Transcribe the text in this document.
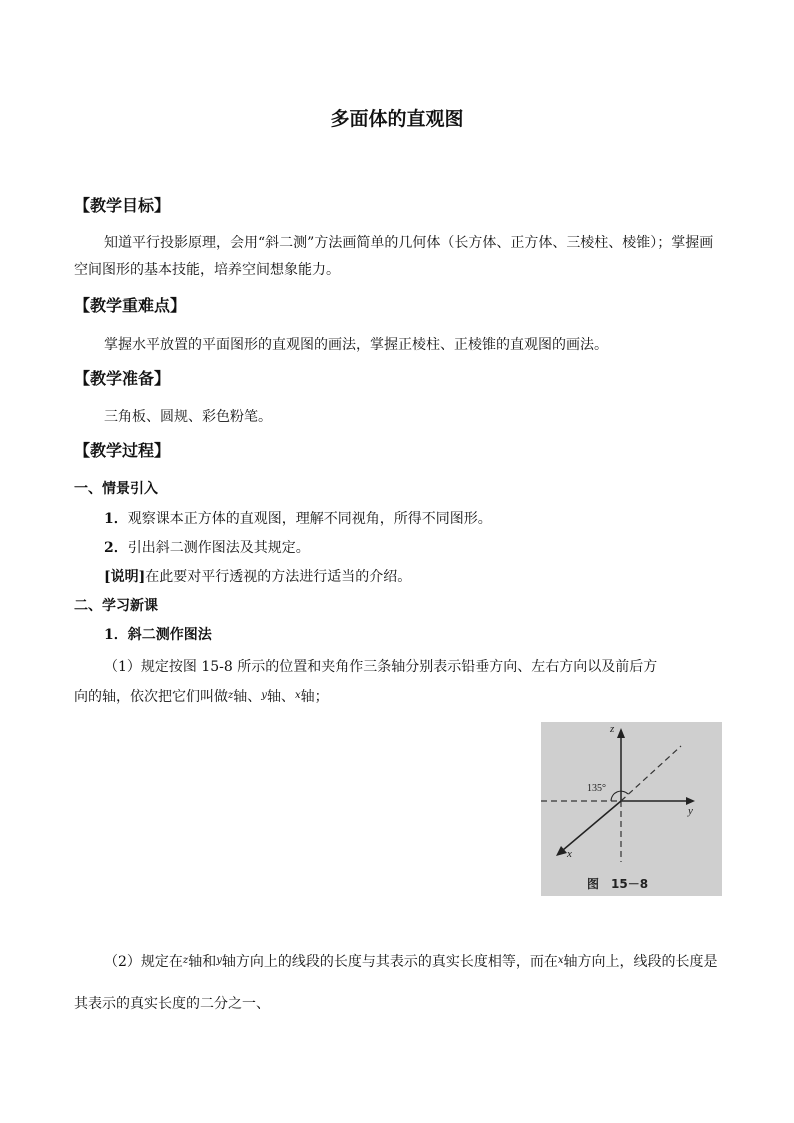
多面体的直观图
【教学目标】
知道平行投影原理，会用“斜二测”方法画简单的几何体（长方体、正方体、三棱柱、棱锥）；掌握画空间图形的基本技能，培养空间想象能力。
【教学重难点】
掌握水平放置的平面图形的直观图的画法，掌握正棱柱、正棱锥的直观图的画法。
【教学准备】
三角板、圆规、彩色粉笔。
【教学过程】
一、情景引入
1．观察课本正方体的直观图，理解不同视角，所得不同图形。
2．引出斜二测作图法及其规定。
[说明]在此要对平行透视的方法进行适当的介绍。
二、学习新课
1．斜二测作图法
（1）规定按图 15-8 所示的位置和夹角作三条轴分别表示铅垂方向、左右方向以及前后方
向的轴，依次把它们叫做$^z$轴、$^y$轴、$^x$轴；
z
y
x
135°
图　15－8
（2）规定在$^z$轴和$^y$轴方向上的线段的长度与其表示的真实长度相等，而在$^x$轴方向上，线段的长度是其表示的真实长度的二分之一、
